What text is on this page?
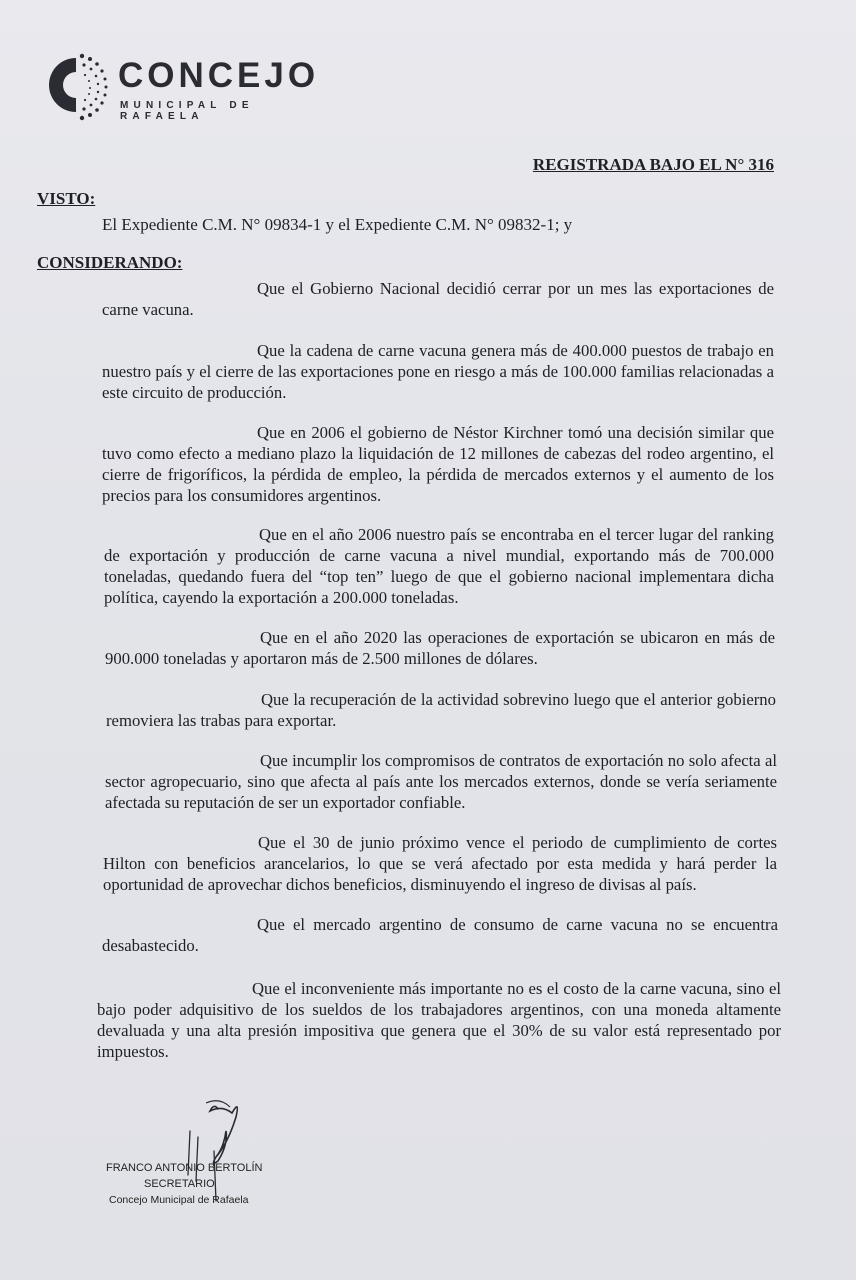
CONCEJO
MUNICIPAL DE RAFAELA
REGISTRADA BAJO EL N° 316
VISTO:
El Expediente C.M. N° 09834-1 y el Expediente C.M. N° 09832-1; y
CONSIDERANDO:

Que el Gobierno Nacional decidió cerrar por un mes las exportaciones de carne vacuna.

Que la cadena de carne vacuna genera más de 400.000 puestos de trabajo en nuestro país y el cierre de las exportaciones pone en riesgo a más de 100.000 familias relacionadas a este circuito de producción.

Que en 2006 el gobierno de Néstor Kirchner tomó una decisión similar que tuvo como efecto a mediano plazo la liquidación de 12 millones de cabezas del rodeo argentino, el cierre de frigoríficos, la pérdida de empleo, la pérdida de mercados externos y el aumento de los precios para los consumidores argentinos.

Que en el año 2006 nuestro país se encontraba en el tercer lugar del ranking de exportación y producción de carne vacuna a nivel mundial, exportando más de 700.000 toneladas, quedando fuera del “top ten” luego de que el gobierno nacional implementara dicha política, cayendo la exportación a 200.000 toneladas.

Que en el año 2020 las operaciones de exportación se ubicaron en más de 900.000 toneladas y aportaron más de 2.500 millones de dólares.

Que la recuperación de la actividad sobrevino luego que el anterior gobierno removiera las trabas para exportar.

Que incumplir los compromisos de contratos de exportación no solo afecta al sector agropecuario, sino que afecta al país ante los mercados externos, donde se vería seriamente afectada su reputación de ser un exportador confiable.

Que el 30 de junio próximo vence el periodo de cumplimiento de cortes Hilton con beneficios arancelarios, lo que se verá afectado por esta medida y hará perder la oportunidad de aprovechar dichos beneficios, disminuyendo el ingreso de divisas al país.

Que el mercado argentino de consumo de carne vacuna no se encuentra desabastecido.

Que el inconveniente más importante no es el costo de la carne vacuna, sino el bajo poder adquisitivo de los sueldos de los trabajadores argentinos, con una moneda altamente devaluada y una alta presión impositiva que genera que el 30% de su valor está representado por impuestos.

FRANCO ANTONIO BERTOLÍN
SECRETARIO
Concejo Municipal de Rafaela
